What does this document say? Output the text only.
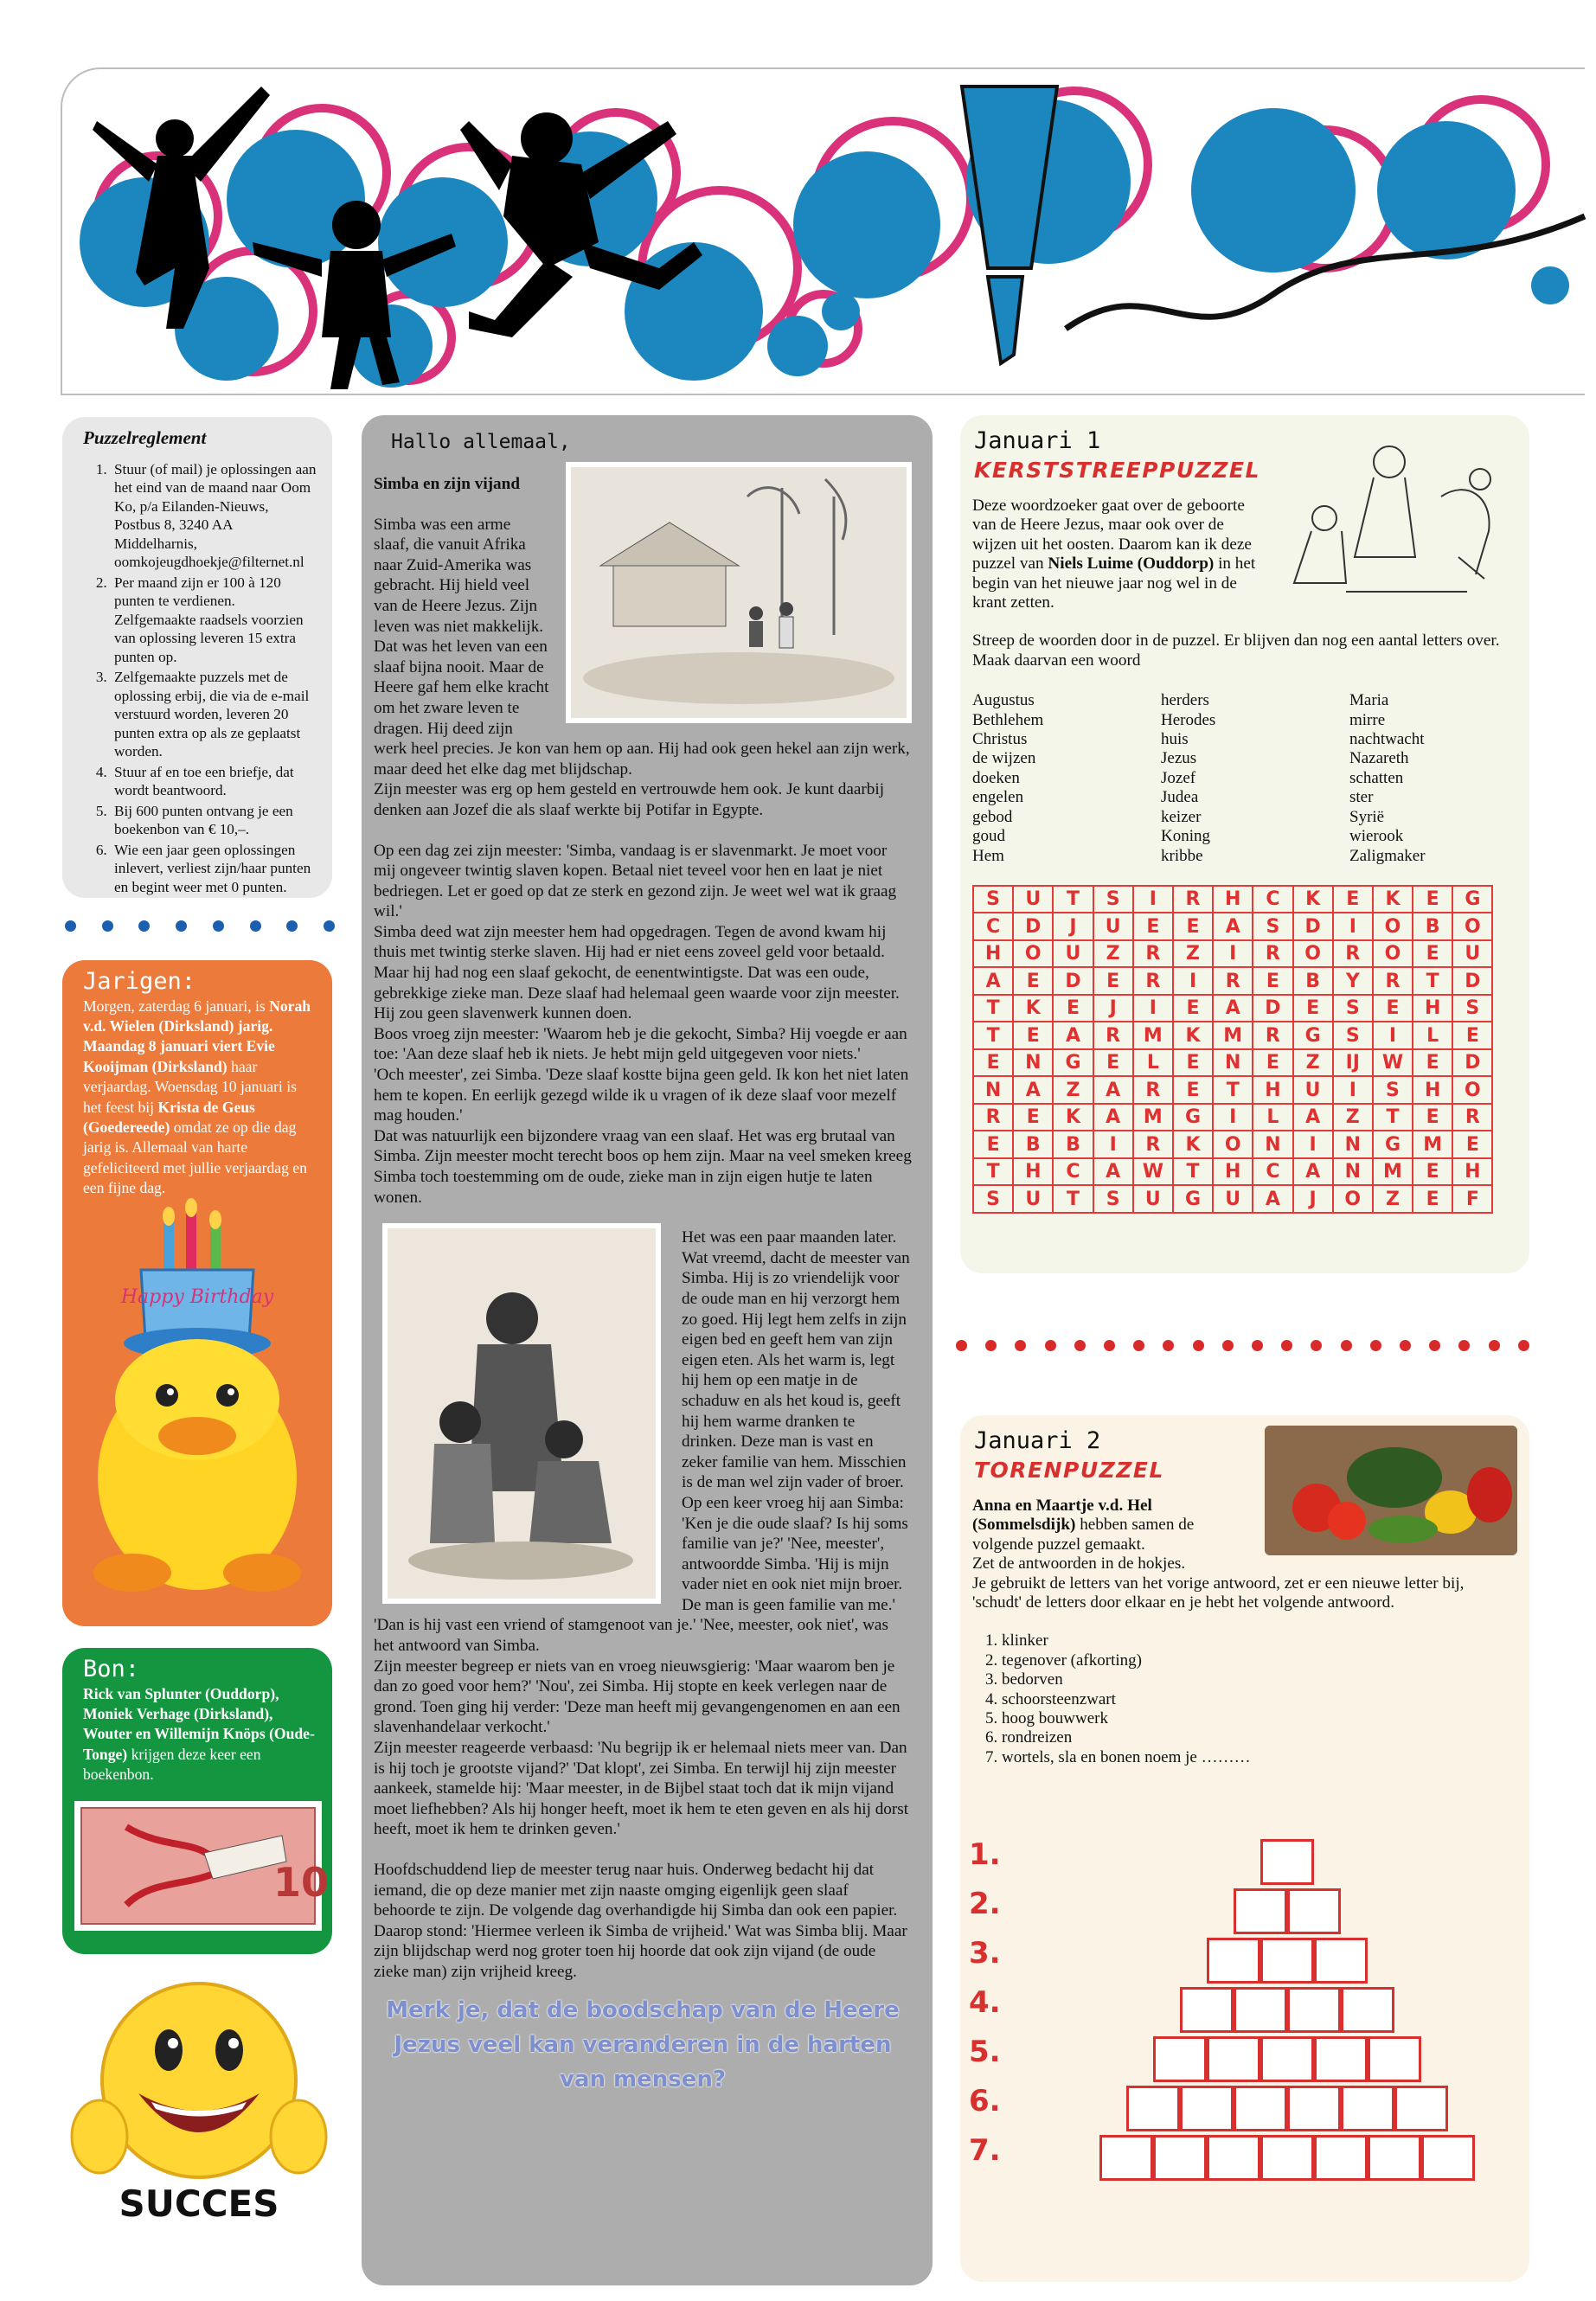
Puzzelreglement
1. Stuur (of mail) je oplossingen aan het eind van de maand naar Oom Ko, p/a Eilanden-Nieuws, Postbus 8, 3240 AA Middelharnis, oomkojeugdhoekje@filternet.nl
2. Per maand zijn er 100 à 120 punten te verdienen. Zelfgemaakte raadsels voorzien van oplossing leveren 15 extra punten op.
3. Zelfgemaakte puzzels met de oplossing erbij, die via de e-mail verstuurd worden, leveren 20 punten extra op als ze geplaatst worden.
4. Stuur af en toe een briefje, dat wordt beantwoord.
5. Bij 600 punten ontvang je een boekenbon van € 10,–.
6. Wie een jaar geen oplossingen inlevert, verliest zijn/haar punten en begint weer met 0 punten.
Jarigen:
Morgen, zaterdag 6 januari, is Norah v.d. Wielen (Dirksland) jarig. Maandag 8 januari viert Evie Kooijman (Dirksland) haar verjaardag. Woensdag 10 januari is het feest bij Krista de Geus (Goedereede) omdat ze op die dag jarig is. Allemaal van harte gefeliciteerd met jullie verjaardag en een fijne dag.
Happy Birthday
Bon:
Rick van Splunter (Ouddorp), Moniek Verhage (Dirksland), Wouter en Willemijn Knöps (Oude-Tonge) krijgen deze keer een boekenbon.
10
SUCCES
Hallo allemaal,

Simba en zijn vijand

Simba was een arme slaaf, die vanuit Afrika naar Zuid-Amerika was gebracht. Hij hield veel van de Heere Jezus. Zijn leven was niet makkelijk. Dat was het leven van een slaaf bijna nooit. Maar de Heere gaf hem elke kracht om het zware leven te dragen. Hij deed zijn werk heel precies. Je kon van hem op aan. Hij had ook geen hekel aan zijn werk, maar deed het elke dag met blijdschap.

Zijn meester was erg op hem gesteld en vertrouwde hem ook. Je kunt daarbij denken aan Jozef die als slaaf werkte bij Potifar in Egypte.

Op een dag zei zijn meester: 'Simba, vandaag is er slavenmarkt. Je moet voor mij ongeveer twintig slaven kopen. Betaal niet teveel voor hen en laat je niet bedriegen. Let er goed op dat ze sterk en gezond zijn. Je weet wel wat ik graag wil.'

Simba deed wat zijn meester hem had opgedragen. Tegen de avond kwam hij thuis met twintig sterke slaven. Hij had er niet eens zoveel geld voor betaald. Maar hij had nog een slaaf gekocht, de eenentwintigste. Dat was een oude, gebrekkige zieke man. Deze slaaf had helemaal geen waarde voor zijn meester. Hij zou geen slavenwerk kunnen doen.

Boos vroeg zijn meester: 'Waarom heb je die gekocht, Simba? Hij voegde er aan toe: 'Aan deze slaaf heb ik niets. Je hebt mijn geld uitgegeven voor niets.'

'Och meester', zei Simba. 'Deze slaaf kostte bijna geen geld. Ik kon het niet laten hem te kopen. En eerlijk gezegd wilde ik u vragen of ik deze slaaf voor mezelf mag houden.'

Dat was natuurlijk een bijzondere vraag van een slaaf. Het was erg brutaal van Simba. Zijn meester mocht terecht boos op hem zijn. Maar na veel smeken kreeg Simba toch toestemming om de oude, zieke man in zijn eigen hutje te laten wonen.

Het was een paar maanden later. Wat vreemd, dacht de meester van Simba. Hij is zo vriendelijk voor de oude man en hij verzorgt hem zo goed. Hij legt hem zelfs in zijn eigen bed en geeft hem van zijn eigen eten. Als het warm is, legt hij hem op een matje in de schaduw en als het koud is, geeft hij hem warme dranken te drinken. Deze man is vast en zeker familie van hem. Misschien is de man wel zijn vader of broer.

Op een keer vroeg hij aan Simba: 'Ken je die oude slaaf? Is hij soms familie van je?' 'Nee, meester', antwoordde Simba. 'Hij is mijn vader niet en ook niet mijn broer. De man is geen familie van me.' 'Dan is hij vast een vriend of stamgenoot van je.' 'Nee, meester, ook niet', was het antwoord van Simba.

Zijn meester begreep er niets van en vroeg nieuwsgierig: 'Maar waarom ben je dan zo goed voor hem?' 'Nou', zei Simba. Hij stopte en keek verlegen naar de grond. Toen ging hij verder: 'Deze man heeft mij gevangengenomen en aan een slavenhandelaar verkocht.'

Zijn meester reageerde verbaasd: 'Nu begrijp ik er helemaal niets meer van. Dan is hij toch je grootste vijand?' 'Dat klopt', zei Simba. En terwijl hij zijn meester aankeek, stamelde hij: 'Maar meester, in de Bijbel staat toch dat ik mijn vijand moet liefhebben? Als hij honger heeft, moet ik hem te eten geven en als hij dorst heeft, moet ik hem te drinken geven.'

Hoofdschuddend liep de meester terug naar huis. Onderweg bedacht hij dat iemand, die op deze manier met zijn naaste omging eigenlijk geen slaaf behoorde te zijn. De volgende dag overhandigde hij Simba dan ook een papier. Daarop stond: 'Hiermee verleen ik Simba de vrijheid.' Wat was Simba blij. Maar zijn blijdschap werd nog groter toen hij hoorde dat ook zijn vijand (de oude zieke man) zijn vrijheid kreeg.

Merk je, dat de boodschap van de Heere Jezus veel kan veranderen in de harten van mensen?
Januari 1
KERSTSTREEPPUZZEL
Deze woordzoeker gaat over de geboorte van de Heere Jezus, maar ook over de wijzen uit het oosten. Daarom kan ik deze puzzel van Niels Luime (Ouddorp) in het begin van het nieuwe jaar nog wel in de krant zetten.
Streep de woorden door in de puzzel. Er blijven dan nog een aantal letters over. Maak daarvan een woord
Augustus	herders	Maria
Bethlehem	Herodes	mirre
Christus	huis	nachtwacht
de wijzen	Jezus	Nazareth
doeken	Jozef	schatten
engelen	Judea	ster
gebod	keizer	Syrië
goud	Koning	wierook
Hem	kribbe	Zaligmaker
S	U	T	S	I	R	H	C	K	E	K	E	G
C	D	J	U	E	E	A	S	D	I	O	B	O
H	O	U	Z	R	Z	I	R	O	R	O	E	U
A	E	D	E	R	I	R	E	B	Y	R	T	D
T	K	E	J	I	E	A	D	E	S	E	H	S
T	E	A	R	M	K	M	R	G	S	I	L	E
E	N	G	E	L	E	N	E	Z	IJ	W	E	D
N	A	Z	A	R	E	T	H	U	I	S	H	O
R	E	K	A	M	G	I	L	A	Z	T	E	R
E	B	B	I	R	K	O	N	I	N	G	M	E
T	H	C	A	W	T	H	C	A	N	M	E	H
S	U	T	S	U	G	U	A	J	O	Z	E	F
Januari 2
TORENPUZZEL
Anna en Maartje v.d. Hel (Sommelsdijk) hebben samen de volgende puzzel gemaakt.
Zet de antwoorden in de hokjes.
Je gebruikt de letters van het vorige antwoord, zet er een nieuwe letter bij, 'schudt' de letters door elkaar en je hebt het volgende antwoord.
1. klinker
2. tegenover (afkorting)
3. bedorven
4. schoorsteenzwart
5. hoog bouwwerk
6. rondreizen
7. wortels, sla en bonen noem je ………
1.
2.
3.
4.
5.
6.
7.
